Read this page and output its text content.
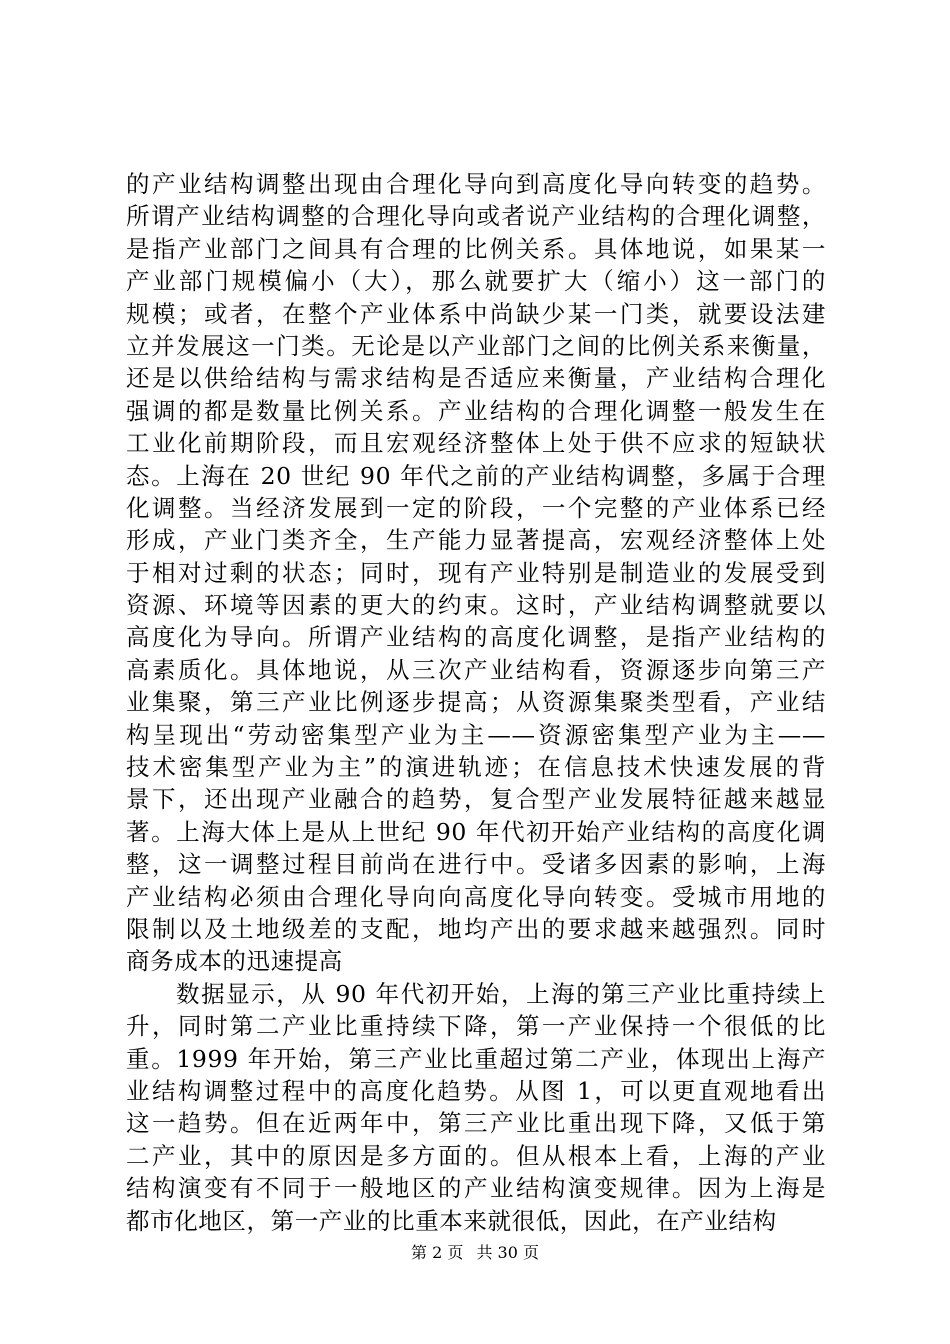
的产业结构调整出现由合理化导向到高度化导向转变的趋势。
所谓产业结构调整的合理化导向或者说产业结构的合理化调整，
是指产业部门之间具有合理的比例关系。具体地说，如果某一
产业部门规模偏小（大），那么就要扩大（缩小）这一部门的
规模；或者，在整个产业体系中尚缺少某一门类，就要设法建
立并发展这一门类。无论是以产业部门之间的比例关系来衡量，
还是以供给结构与需求结构是否适应来衡量，产业结构合理化
强调的都是数量比例关系。产业结构的合理化调整一般发生在
工业化前期阶段，而且宏观经济整体上处于供不应求的短缺状
态。上海在 20 世纪 90 年代之前的产业结构调整，多属于合理
化调整。当经济发展到一定的阶段，一个完整的产业体系已经
形成，产业门类齐全，生产能力显著提高，宏观经济整体上处
于相对过剩的状态；同时，现有产业特别是制造业的发展受到
资源、环境等因素的更大的约束。这时，产业结构调整就要以
高度化为导向。所谓产业结构的高度化调整，是指产业结构的
高素质化。具体地说，从三次产业结构看，资源逐步向第三产
业集聚，第三产业比例逐步提高；从资源集聚类型看，产业结
构呈现出“劳动密集型产业为主——资源密集型产业为主——
技术密集型产业为主”的演进轨迹；在信息技术快速发展的背
景下，还出现产业融合的趋势，复合型产业发展特征越来越显
著。上海大体上是从上世纪 90 年代初开始产业结构的高度化调
整，这一调整过程目前尚在进行中。受诸多因素的影响，上海
产业结构必须由合理化导向向高度化导向转变。受城市用地的
限制以及土地级差的支配，地均产出的要求越来越强烈。同时
商务成本的迅速提高
数据显示，从 90 年代初开始，上海的第三产业比重持续上
升，同时第二产业比重持续下降，第一产业保持一个很低的比
重。1999 年开始，第三产业比重超过第二产业，体现出上海产
业结构调整过程中的高度化趋势。从图 1，可以更直观地看出
这一趋势。但在近两年中，第三产业比重出现下降，又低于第
二产业，其中的原因是多方面的。但从根本上看，上海的产业
结构演变有不同于一般地区的产业结构演变规律。因为上海是
都市化地区，第一产业的比重本来就很低，因此，在产业结构
第 2 页 共 30 页
